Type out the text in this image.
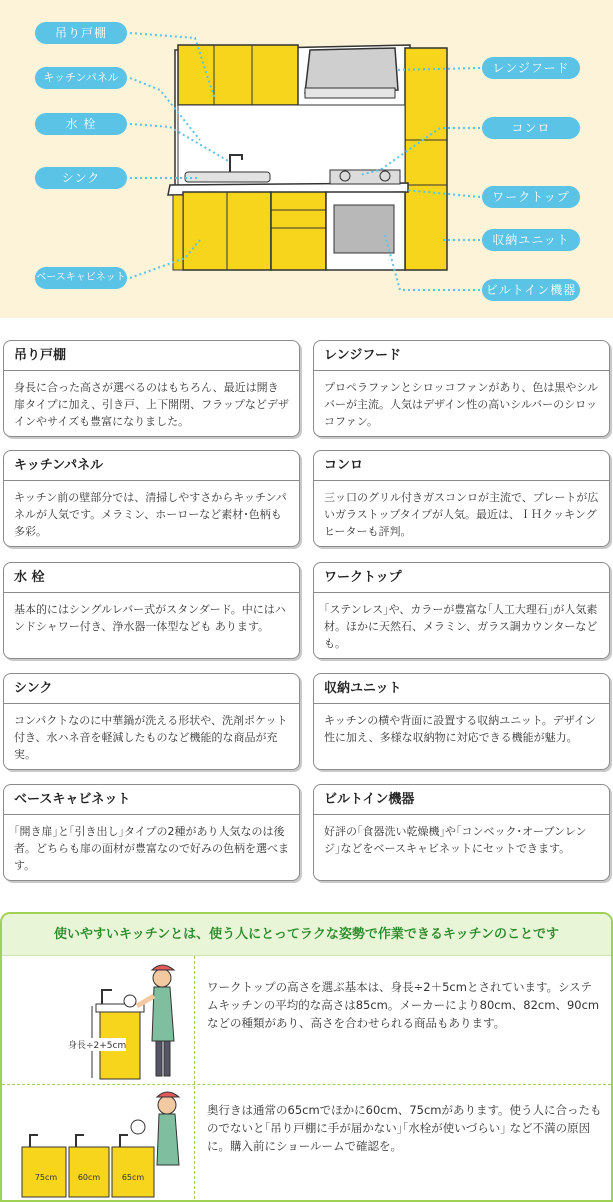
吊り戸棚
キッチンパネル
水 栓
シンク
ベースキャビネット
レンジフード
コンロ
ワークトップ
収納ユニット
ビルトイン機器
吊り戸棚
身長に合った高さが選べるのはもちろん、最近は開き扉タイプに加え、引き戸、上下開閉、フラップなどデザインやサイズも豊富になりました。
レンジフード
プロペラファンとシロッコファンがあり、色は黒やシルバーが主流。人気はデザイン性の高いシルバーのシロッコファン。
キッチンパネル
キッチン前の壁部分では、清掃しやすさからキッチンパネルが人気です。メラミン、ホーローなど素材･色柄も多彩。
コンロ
三ッ口のグリル付きガスコンロが主流で、プレートが広いガラストップタイプが人気。最近は、ＩＨクッキングヒーターも評判。
水 栓
基本的にはシングルレバー式がスタンダード。中にはハンドシャワー付き、浄水器一体型なども あります。
ワークトップ
｢ステンレス｣や、カラーが豊富な｢人工大理石｣が人気素材。ほかに天然石、メラミン、ガラス調カウンターなども。
シンク
コンパクトなのに中華鍋が洗える形状や、洗剤ポケット付き、水ハネ音を軽減したものなど機能的な商品が充実。
収納ユニット
キッチンの横や背面に設置する収納ユニット。デザイン性に加え、多様な収納物に対応できる機能が魅力。
ベースキャビネット
｢開き扉｣と｢引き出し｣タイプの2種があり人気なのは後者。どちらも扉の面材が豊富なので好みの色柄を選べます。
ビルトイン機器
好評の｢食器洗い乾燥機｣や｢コンベック･オーブンレンジ｣などをベースキャビネットにセットできます。
使いやすいキッチンとは、使う人にとってラクな姿勢で作業できるキッチンのことです
身長÷2+5cm
ワークトップの高さを選ぶ基本は、身長÷2＋5cmとされています。システムキッチンの平均的な高さは85cm。メーカーにより80cm、82cm、90cmなどの種類があり、高さを合わせられる商品もあります。
75cm	60cm	65cm
奥行きは通常の65cmでほかに60cm、75cmがあります。使う人に合ったものでないと｢吊り戸棚に手が届かない｣｢水栓が使いづらい｣ など不満の原因に。購入前にショールームで確認を。
